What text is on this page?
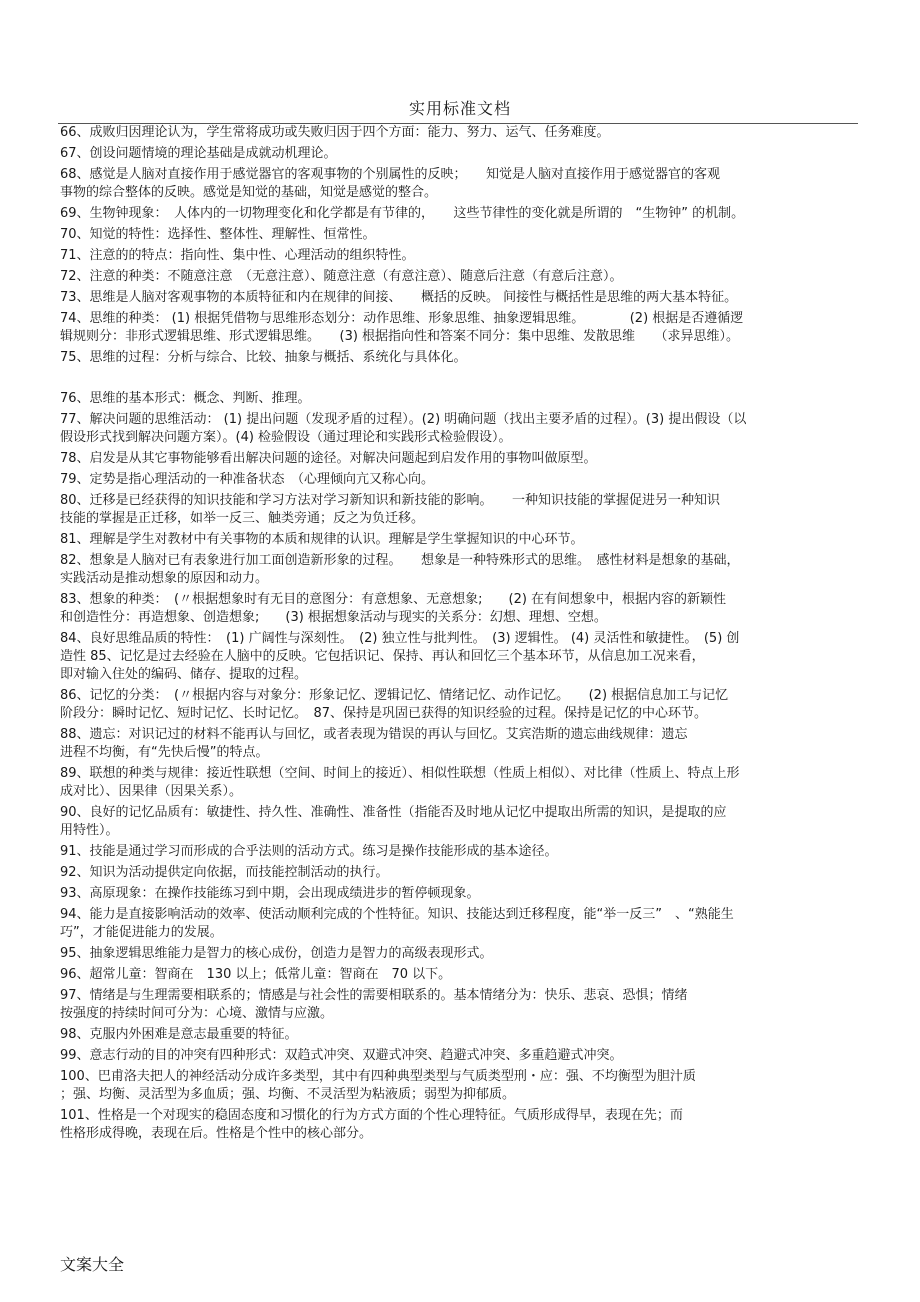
实用标准文档
66、成败归因理论认为，学生常将成功或失败归因于四个方面：能力、努力、运气、任务难度。
67、创设问题情境的理论基础是成就动机理论。
68、感觉是人脑对直接作用于感觉器官的客观事物的个别属性的反映；　　知觉是人脑对直接作用于感觉器官的客观
事物的综合整体的反映。感觉是知觉的基础，知觉是感觉的整合。
69、生物钟现象：　人体内的一切物理变化和化学都是有节律的，　　这些节律性的变化就是所谓的　“生物钟” 的机制。
70、知觉的特性：选择性、整体性、理解性、恒常性。
71、注意的的特点：指向性、集中性、心理活动的组织特性。
72、注意的种类：不随意注意　（无意注意）、随意注意（有意注意）、随意后注意（有意后注意）。
73、思维是人脑对客观事物的本质特征和内在规律的间接、　　概括的反映。 间接性与概括性是思维的两大基本特征。
74、思维的种类： (1) 根据凭借物与思维形态划分：动作思维、形象思维、抽象逻辑思维。　　　　(2) 根据是否遵循逻
辑规则分：非形式逻辑思维、形式逻辑思维。　　(3) 根据指向性和答案不同分：集中思维、发散思维　　（求异思维）。
75、思维的过程：分析与综合、比较、抽象与概括、系统化与具体化。
76、思维的基本形式：概念、判断、推理。
77、解决问题的思维活动： (1) 提出问题（发现矛盾的过程）。(2) 明确问题（找出主要矛盾的过程）。(3) 提出假设（以
假设形式找到解决问题方案）。(4) 检验假设（通过理论和实践形式检验假设）。
78、启发是从其它事物能够看出解决问题的途径。对解决问题起到启发作用的事物叫做原型。
79、定势是指心理活动的一种准备状态　（心理倾向亢又称心向。
80、迁移是已经获得的知识技能和学习方法对学习新知识和新技能的影响。　　一种知识技能的掌握促进另一种知识
技能的掌握是正迁移，如举一反三、触类旁通；反之为负迁移。
81、理解是学生对教材中有关事物的本质和规律的认识。理解是学生掌握知识的中心环节。
82、想象是人脑对已有表象进行加工面创造新形象的过程。　　想象是一种特殊形式的思维。　感性材料是想象的基础，
实践活动是推动想象的原因和动力。
83、想象的种类：　(〃根据想象时有无目的意图分：有意想象、无意想象;　　(2) 在有间想象中，根据内容的新颖性
和创造性分：再造想象、创造想象;　　(3) 根据想象活动与现实的关系分：幻想、理想、空想。
84、良好思维品质的特性：　(1) 广阔性与深刻性。　(2) 独立性与批判性。　(3) 逻辑性。 (4) 灵活性和敏捷性。　(5) 创
造性 85、记忆是过去经验在人脑中的反映。它包括识记、保持、再认和回忆三个基本环节，从信息加工况来看，
即对输入住处的编码、储存、提取的过程。
86、记忆的分类：　(〃根据内容与对象分：形象记忆、逻辑记忆、情绪记忆、动作记忆。　　(2) 根据信息加工与记忆
阶段分：瞬时记忆、短时记忆、长时记忆。　87、保持是巩固已获得的知识经验的过程。保持是记忆的中心环节。
88、遗忘：对识记过的材料不能再认与回忆，或者表现为错误的再认与回忆。艾宾浩斯的遗忘曲线规律：遗忘
进程不均衡，有“先快后慢”的特点。
89、联想的种类与规律：接近性联想（空间、时间上的接近）、相似性联想（性质上相似）、对比律（性质上、特点上形
成对比）、因果律（因果关系）。
90、良好的记忆品质有：敏捷性、持久性、准确性、准备性（指能否及时地从记忆中提取出所需的知识，是提取的应
用特性）。
91、技能是通过学习而形成的合乎法则的活动方式。练习是操作技能形成的基本途径。
92、知识为活动提供定向依据，而技能控制活动的执行。
93、高原现象：在操作技能练习到中期，会出现成绩进步的暂停顿现象。
94、能力是直接影响活动的效率、使活动顺利完成的个性特征。知识、技能达到迁移程度，能“举一反三”　、“熟能生
巧”，才能促进能力的发展。
95、抽象逻辑思维能力是智力的核心成份，创造力是智力的高级表现形式。
96、超常儿童：智商在　130 以上；低常儿童：智商在　70 以下。
97、情绪是与生理需要相联系的；情感是与社会性的需要相联系的。基本情绪分为：快乐、悲哀、恐惧；情绪
按强度的持续时间可分为：心境、激情与应激。
98、克服内外困难是意志最重要的特征。
99、意志行动的目的冲突有四种形式：双趋式冲突、双避式冲突、趋避式冲突、多重趋避式冲突。
100、巴甫洛夫把人的神经活动分成许多类型，其中有四种典型类型与气质类型刑・应：强、不均衡型为胆汁质
；强、均衡、灵活型为多血质；强、均衡、不灵活型为粘液质；弱型为抑郁质。
101、性格是一个对现实的稳固态度和习惯化的行为方式方面的个性心理特征。气质形成得早，表现在先；而
性格形成得晚，表现在后。性格是个性中的核心部分。
文案大全
